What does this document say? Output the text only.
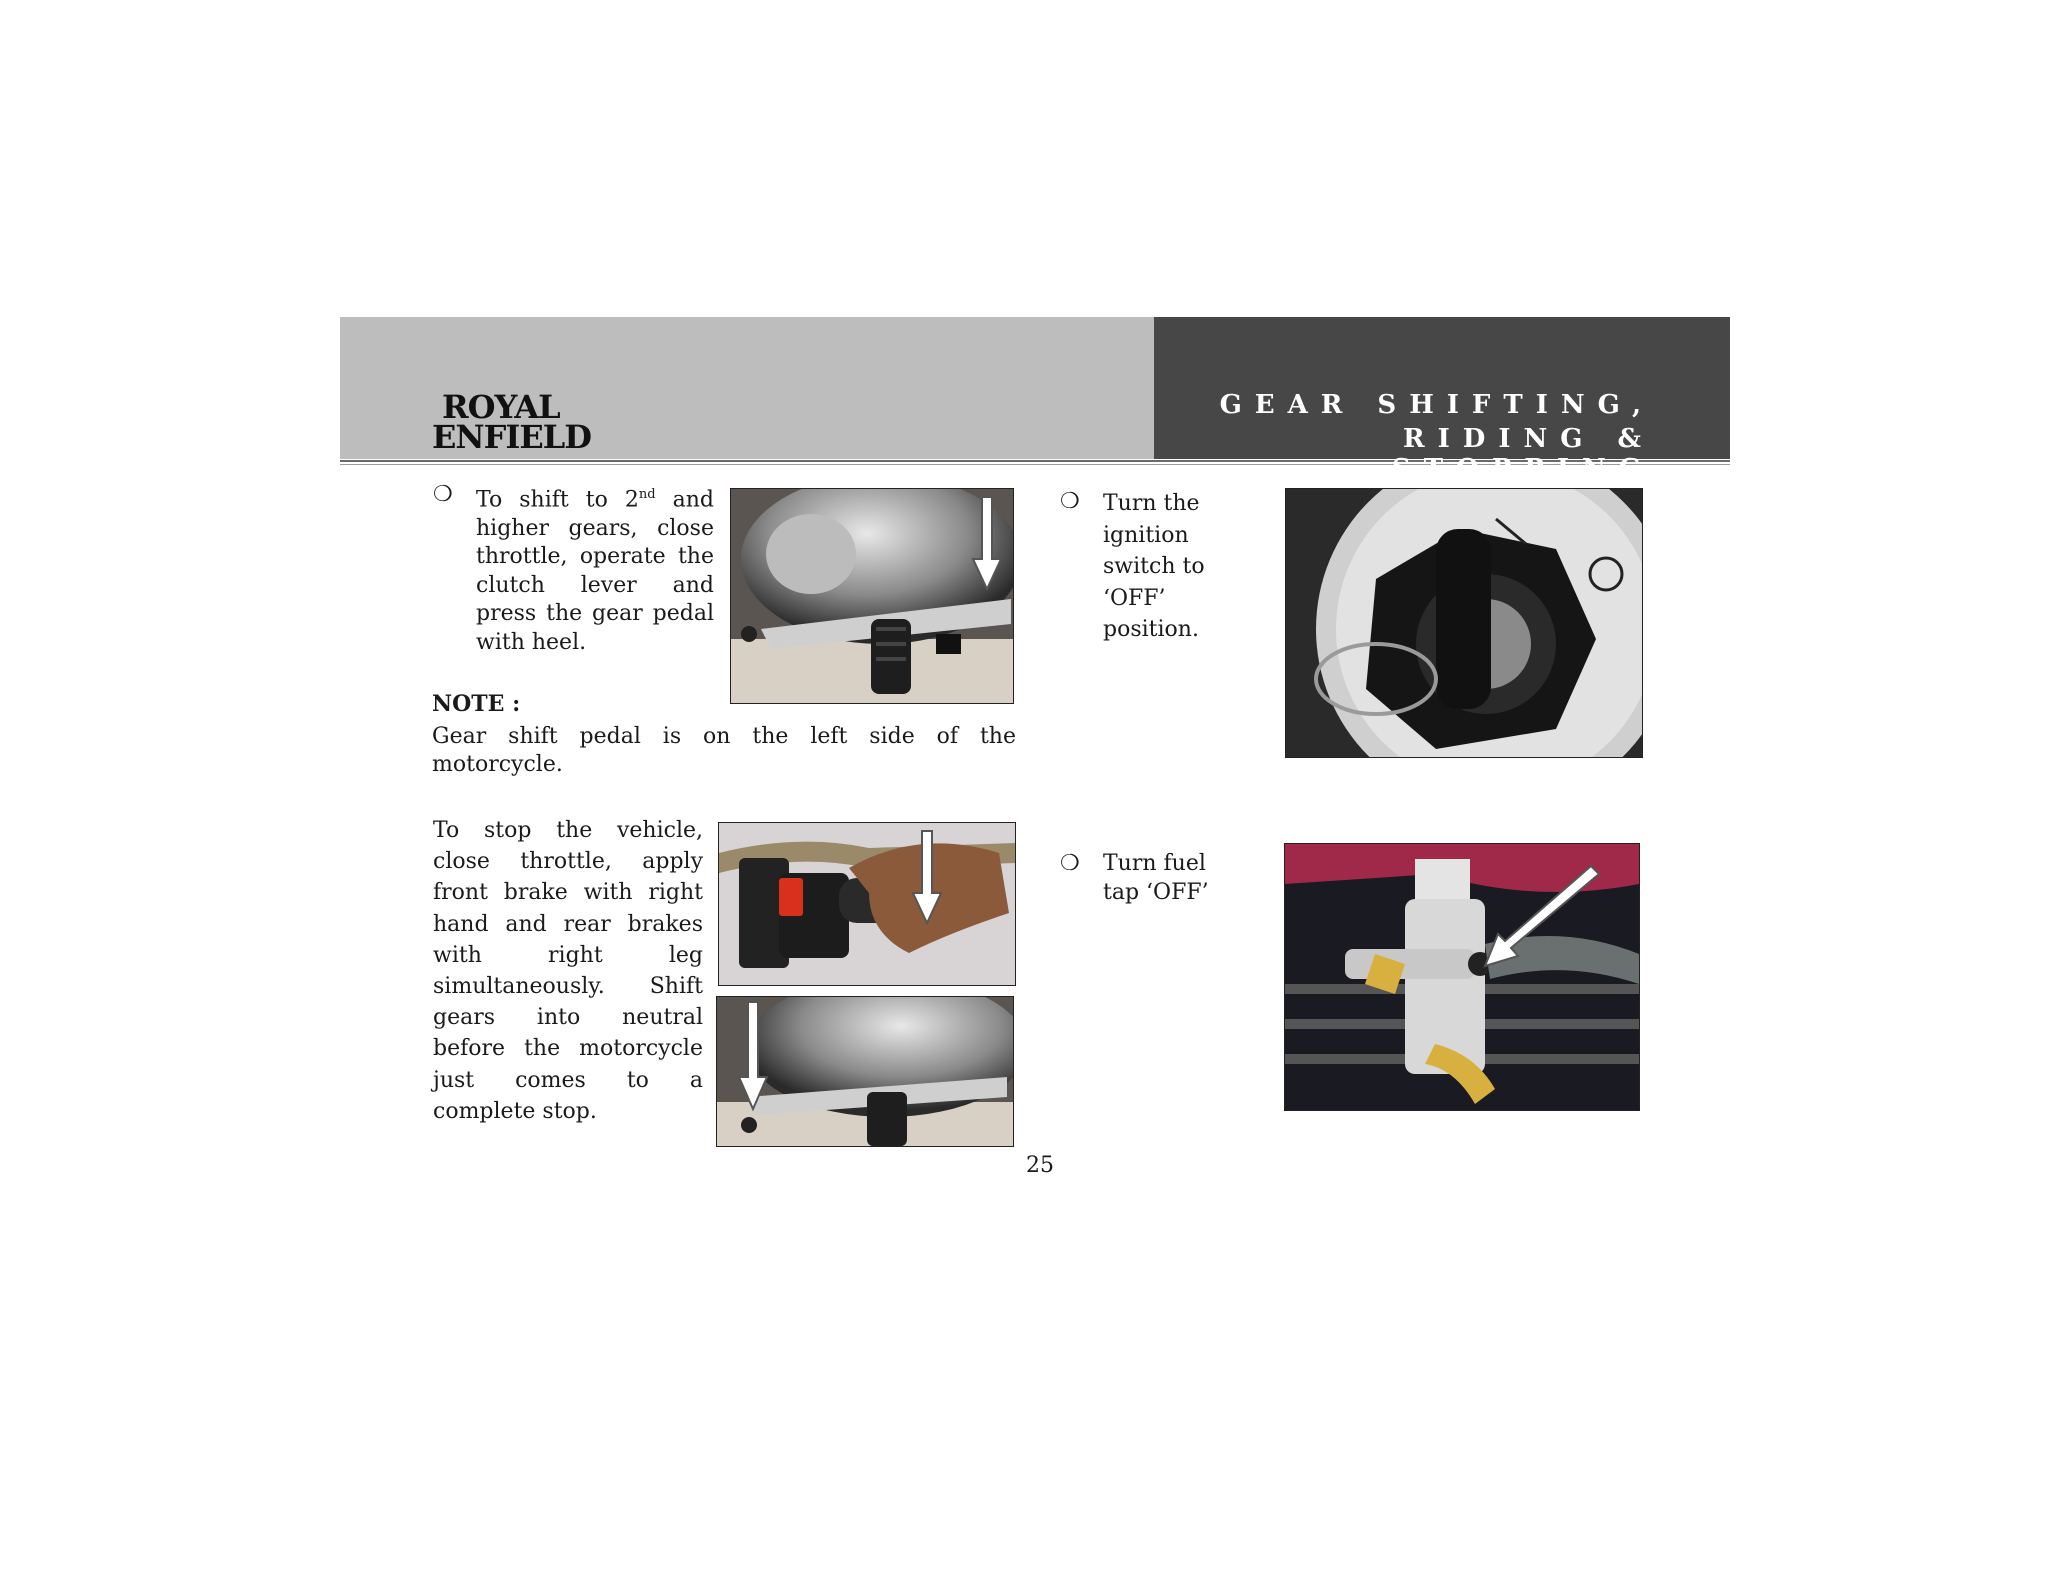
ROYAL
ENFIELD
GEAR SHIFTING,
RIDING & STOPPING
❍ To shift to 2nd and
higher gears, close
throttle, operate the
clutch lever and
press the gear pedal
with heel.
NOTE :
Gear shift pedal is on the left side of the
motorcycle.
To stop the vehicle,
close throttle, apply
front brake with right
hand and rear brakes
with right leg
simultaneously. Shift
gears into neutral
before the motorcycle
just comes to a
complete stop.
❍ Turn the
ignition
switch to
‘OFF’
position.
❍ Turn fuel
tap ‘OFF’
25
